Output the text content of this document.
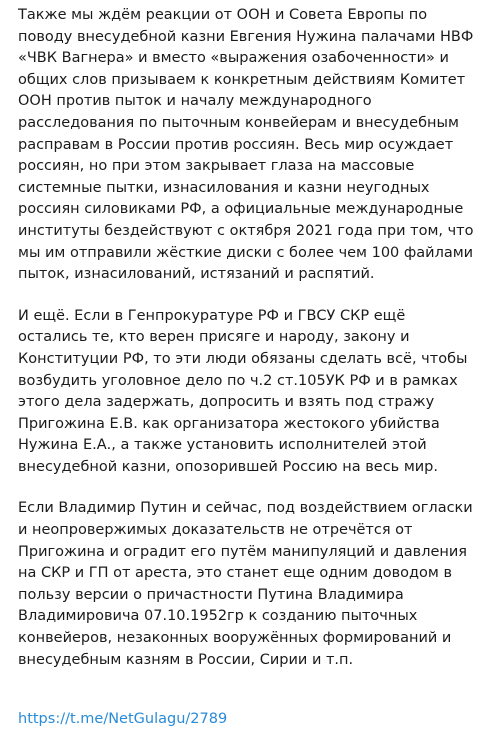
Также мы ждём реакции от ООН и Совета Европы по поводу внесудебной казни Евгения Нужина палачами НВФ «ЧВК Вагнера» и вместо «выражения озабоченности» и общих слов призываем к конкретным действиям Комитет ООН против пыток и началу международного расследования по пыточным конвейерам и внесудебным расправам в России против россиян. Весь мир осуждает россиян, но при этом закрывает глаза на массовые системные пытки, изнасилования и казни неугодных россиян силовиками РФ, а официальные международные институты бездействуют с октября 2021 года при том, что мы им отправили жёсткие диски с более чем 100 файлами пыток, изнасилований, истязаний и распятий.

И ещё. Если в Генпрокуратуре РФ и ГВСУ СКР ещё остались те, кто верен присяге и народу, закону и Конституции РФ, то эти люди обязаны сделать всё, чтобы возбудить уголовное дело по ч.2 ст.105УК РФ и в рамках этого дела задержать, допросить и взять под стражу Пригожина Е.В. как организатора жестокого убийства Нужина Е.А., а также установить исполнителей этой внесудебной казни, опозорившей Россию на весь мир.

Если Владимир Путин и сейчас, под воздействием огласки и неопровержимых доказательств не отречётся от Пригожина и оградит его путём манипуляций и давления на СКР и ГП от ареста, это станет еще одним доводом в пользу версии о причастности Путина Владимира Владимировича 07.10.1952гр к созданию пыточных конвейеров, незаконных вооружённых формирований и внесудебным казням в России, Сирии и т.п.

https://t.me/NetGulagu/2789
